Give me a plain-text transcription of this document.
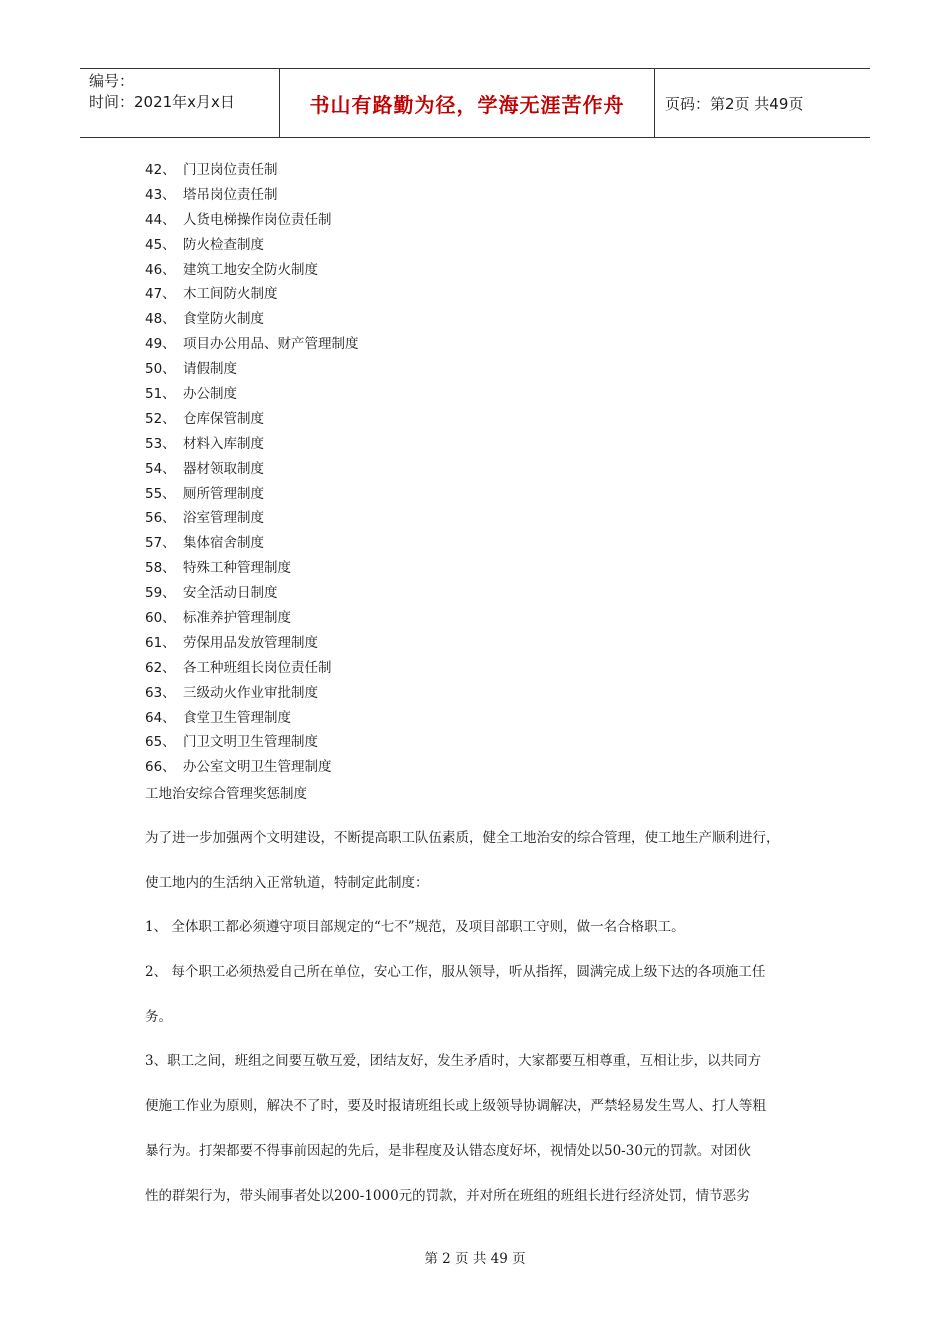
编号：
时间：2021年x月x日	书山有路勤为径，学海无涯苦作舟	页码：第2页 共49页
42、 门卫岗位责任制
43、 塔吊岗位责任制
44、 人货电梯操作岗位责任制
45、 防火检查制度
46、 建筑工地安全防火制度
47、 木工间防火制度
48、 食堂防火制度
49、 项目办公用品、财产管理制度
50、 请假制度
51、 办公制度
52、 仓库保管制度
53、 材料入库制度
54、 器材领取制度
55、 厕所管理制度
56、 浴室管理制度
57、 集体宿舍制度
58、 特殊工种管理制度
59、 安全活动日制度
60、 标准养护管理制度
61、 劳保用品发放管理制度
62、 各工种班组长岗位责任制
63、 三级动火作业审批制度
64、 食堂卫生管理制度
65、 门卫文明卫生管理制度
66、 办公室文明卫生管理制度
工地治安综合管理奖惩制度

为了进一步加强两个文明建设，不断提高职工队伍素质，健全工地治安的综合管理，使工地生产顺利进行，

使工地内的生活纳入正常轨道，特制定此制度：

1、 全体职工都必须遵守项目部规定的“七不”规范，及项目部职工守则，做一名合格职工。

2、 每个职工必须热爱自己所在单位，安心工作，服从领导，听从指挥，圆满完成上级下达的各项施工任

务。

3、职工之间，班组之间要互敬互爱，团结友好，发生矛盾时，大家都要互相尊重，互相让步，以共同方

便施工作业为原则，解决不了时，要及时报请班组长或上级领导协调解决，严禁轻易发生骂人、打人等粗

暴行为。打架都要不得事前因起的先后，是非程度及认错态度好坏，视情处以50-30元的罚款。对团伙

性的群架行为，带头闹事者处以200-1000元的罚款，并对所在班组的班组长进行经济处罚，情节恶劣

第 2 页 共 49 页
